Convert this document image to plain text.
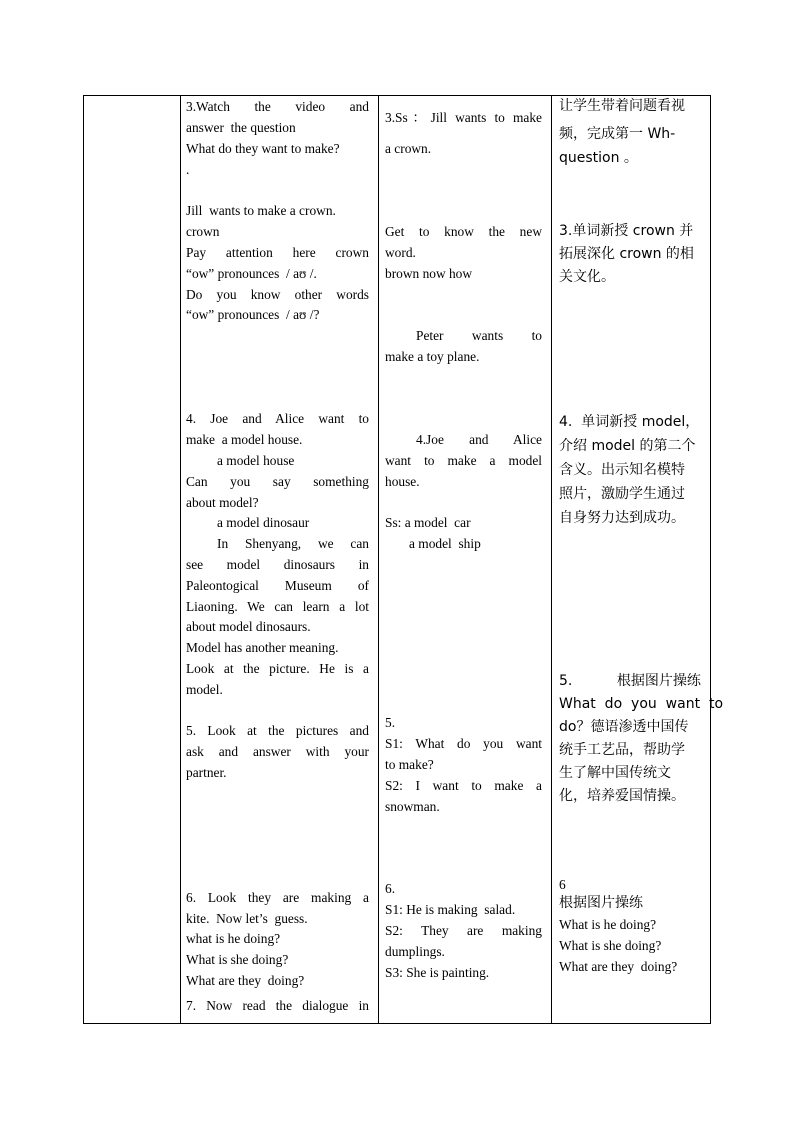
3.Watch the video and
answer  the question
What do they want to make?
.
Jill  wants to make a crown.
crown
Pay attention here crown
“ow” pronounces  / aʊ /.
Do you know other words
“ow” pronounces  / aʊ /?
4. Joe and Alice want to
make  a model house.
a model house
Can you say something
about model?
a model dinosaur
In Shenyang, we can
see model dinosaurs in
Paleontogical Museum of
Liaoning. We can learn a lot
about model dinosaurs.
Model has another meaning.
Look at the picture. He is a
model.
5. Look at the pictures and
ask and answer with your
partner.
6. Look they are making a
kite.  Now let’s  guess.
what is he doing?
What is she doing?
What are they  doing?
7. Now read the dialogue in
3.Ss：Jill wants to make
a crown.
Get to know the new
word.
brown now how
Peter wants to
make a toy plane.
4.Joe and Alice
want to make a model
house.
Ss: a model  car
a model  ship
5.
S1: What do you want
to make?
S2: I want to make a
snowman.
6.
S1: He is making  salad.
S2: They are making
dumplings.
S3: She is painting.
让学生带着问题看视
频，完成第一 Wh-
question 。
3.单词新授 crown 并
拓展深化 crown 的相
关文化。
4.  单词新授 model，
介绍 model 的第二个
含义。出示知名模特
照片，激励学生通过
自身努力达到成功。
5.          根据图片操练
What  do  you  want  to
do？德语渗透中国传
统手工艺品，帮助学
生了解中国传统文
化，培养爱国情操。
6
根据图片操练
What is he doing?
What is she doing?
What are they  doing?
